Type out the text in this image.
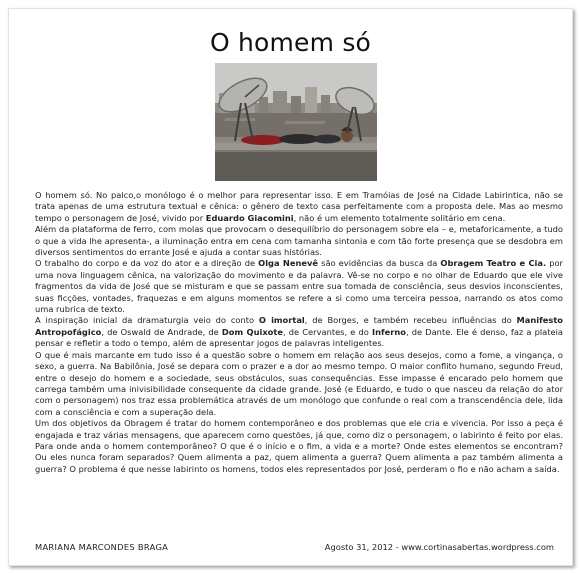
O homem só

O homem só. No palco,o monólogo é o melhor para representar isso. E em Tramóias de José na Cidade Labirintica, não se trata apenas de uma estrutura textual e cênica: o gênero de texto casa perfeitamente com a proposta dele. Mas ao mesmo tempo o personagem de José, vivido por Eduardo Giacomini, não é um elemento totalmente solitário em cena.

Além da plataforma de ferro, com molas que provocam o desequilíbrio do personagem sobre ela – e, metaforicamente, a tudo o que a vida lhe apresenta-, a iluminação entra em cena com tamanha sintonia e com tão forte presença que se desdobra em diversos sentimentos do errante José e ajuda a contar suas histórias.

O trabalho do corpo e da voz do ator e a direção de Olga Nenevê são evidências da busca da Obragem Teatro e Cia. por uma nova linguagem cênica, na valorização do movimento e da palavra. Vê-se no corpo e no olhar de Eduardo que ele vive fragmentos da vida de José que se misturam e que se passam entre sua tomada de consciência, seus desvios inconscientes, suas ficções, vontades, fraquezas e em alguns momentos se refere a si como uma terceira pessoa, narrando os atos como uma rubrica de texto.

A inspiração inicial da dramaturgia veio do conto O imortal, de Borges, e também recebeu influências do Manifesto Antropofágico, de Oswald de Andrade, de Dom Quixote, de Cervantes, e do Inferno, de Dante. Ele é denso, faz a plateia pensar e refletir a todo o tempo, além de apresentar jogos de palavras inteligentes.

O que é mais marcante em tudo isso é a questão sobre o homem em relação aos seus desejos, como a fome, a vingança, o sexo, a guerra. Na Babilônia, José se depara com o prazer e a dor ao mesmo tempo. O maior conflito humano, segundo Freud, entre o desejo do homem e a sociedade, seus obstáculos, suas consequências. Esse impasse é encarado pelo homem que carrega também uma inivisibilidade consequente da cidade grande. José (e Eduardo, e tudo o que nasceu da relação do ator com o personagem) nos traz essa problemática através de um monólogo que confunde o real com a transcendência dele, lida com a consciência e com a superação dela.

Um dos objetivos da Obragem é tratar do homem contemporâneo e dos problemas que ele cria e vivencia. Por isso a peça é engajada e traz várias mensagens, que aparecem como questões, já que, como diz o personagem, o labirinto é feito por elas. Para onde anda o homem contemporâneo? O que é o início e o fim, a vida e a morte? Onde estes elementos se encontram? Ou eles nunca foram separados? Quem alimenta a paz, quem alimenta a guerra? Quem alimenta a paz também alimenta a guerra? O problema é que nesse labirinto os homens, todos eles representados por José, perderam o fio e não acham a saída.

MARIANA MARCONDES BRAGA	Agosto 31, 2012 - www.cortinasabertas.wordpress.com
